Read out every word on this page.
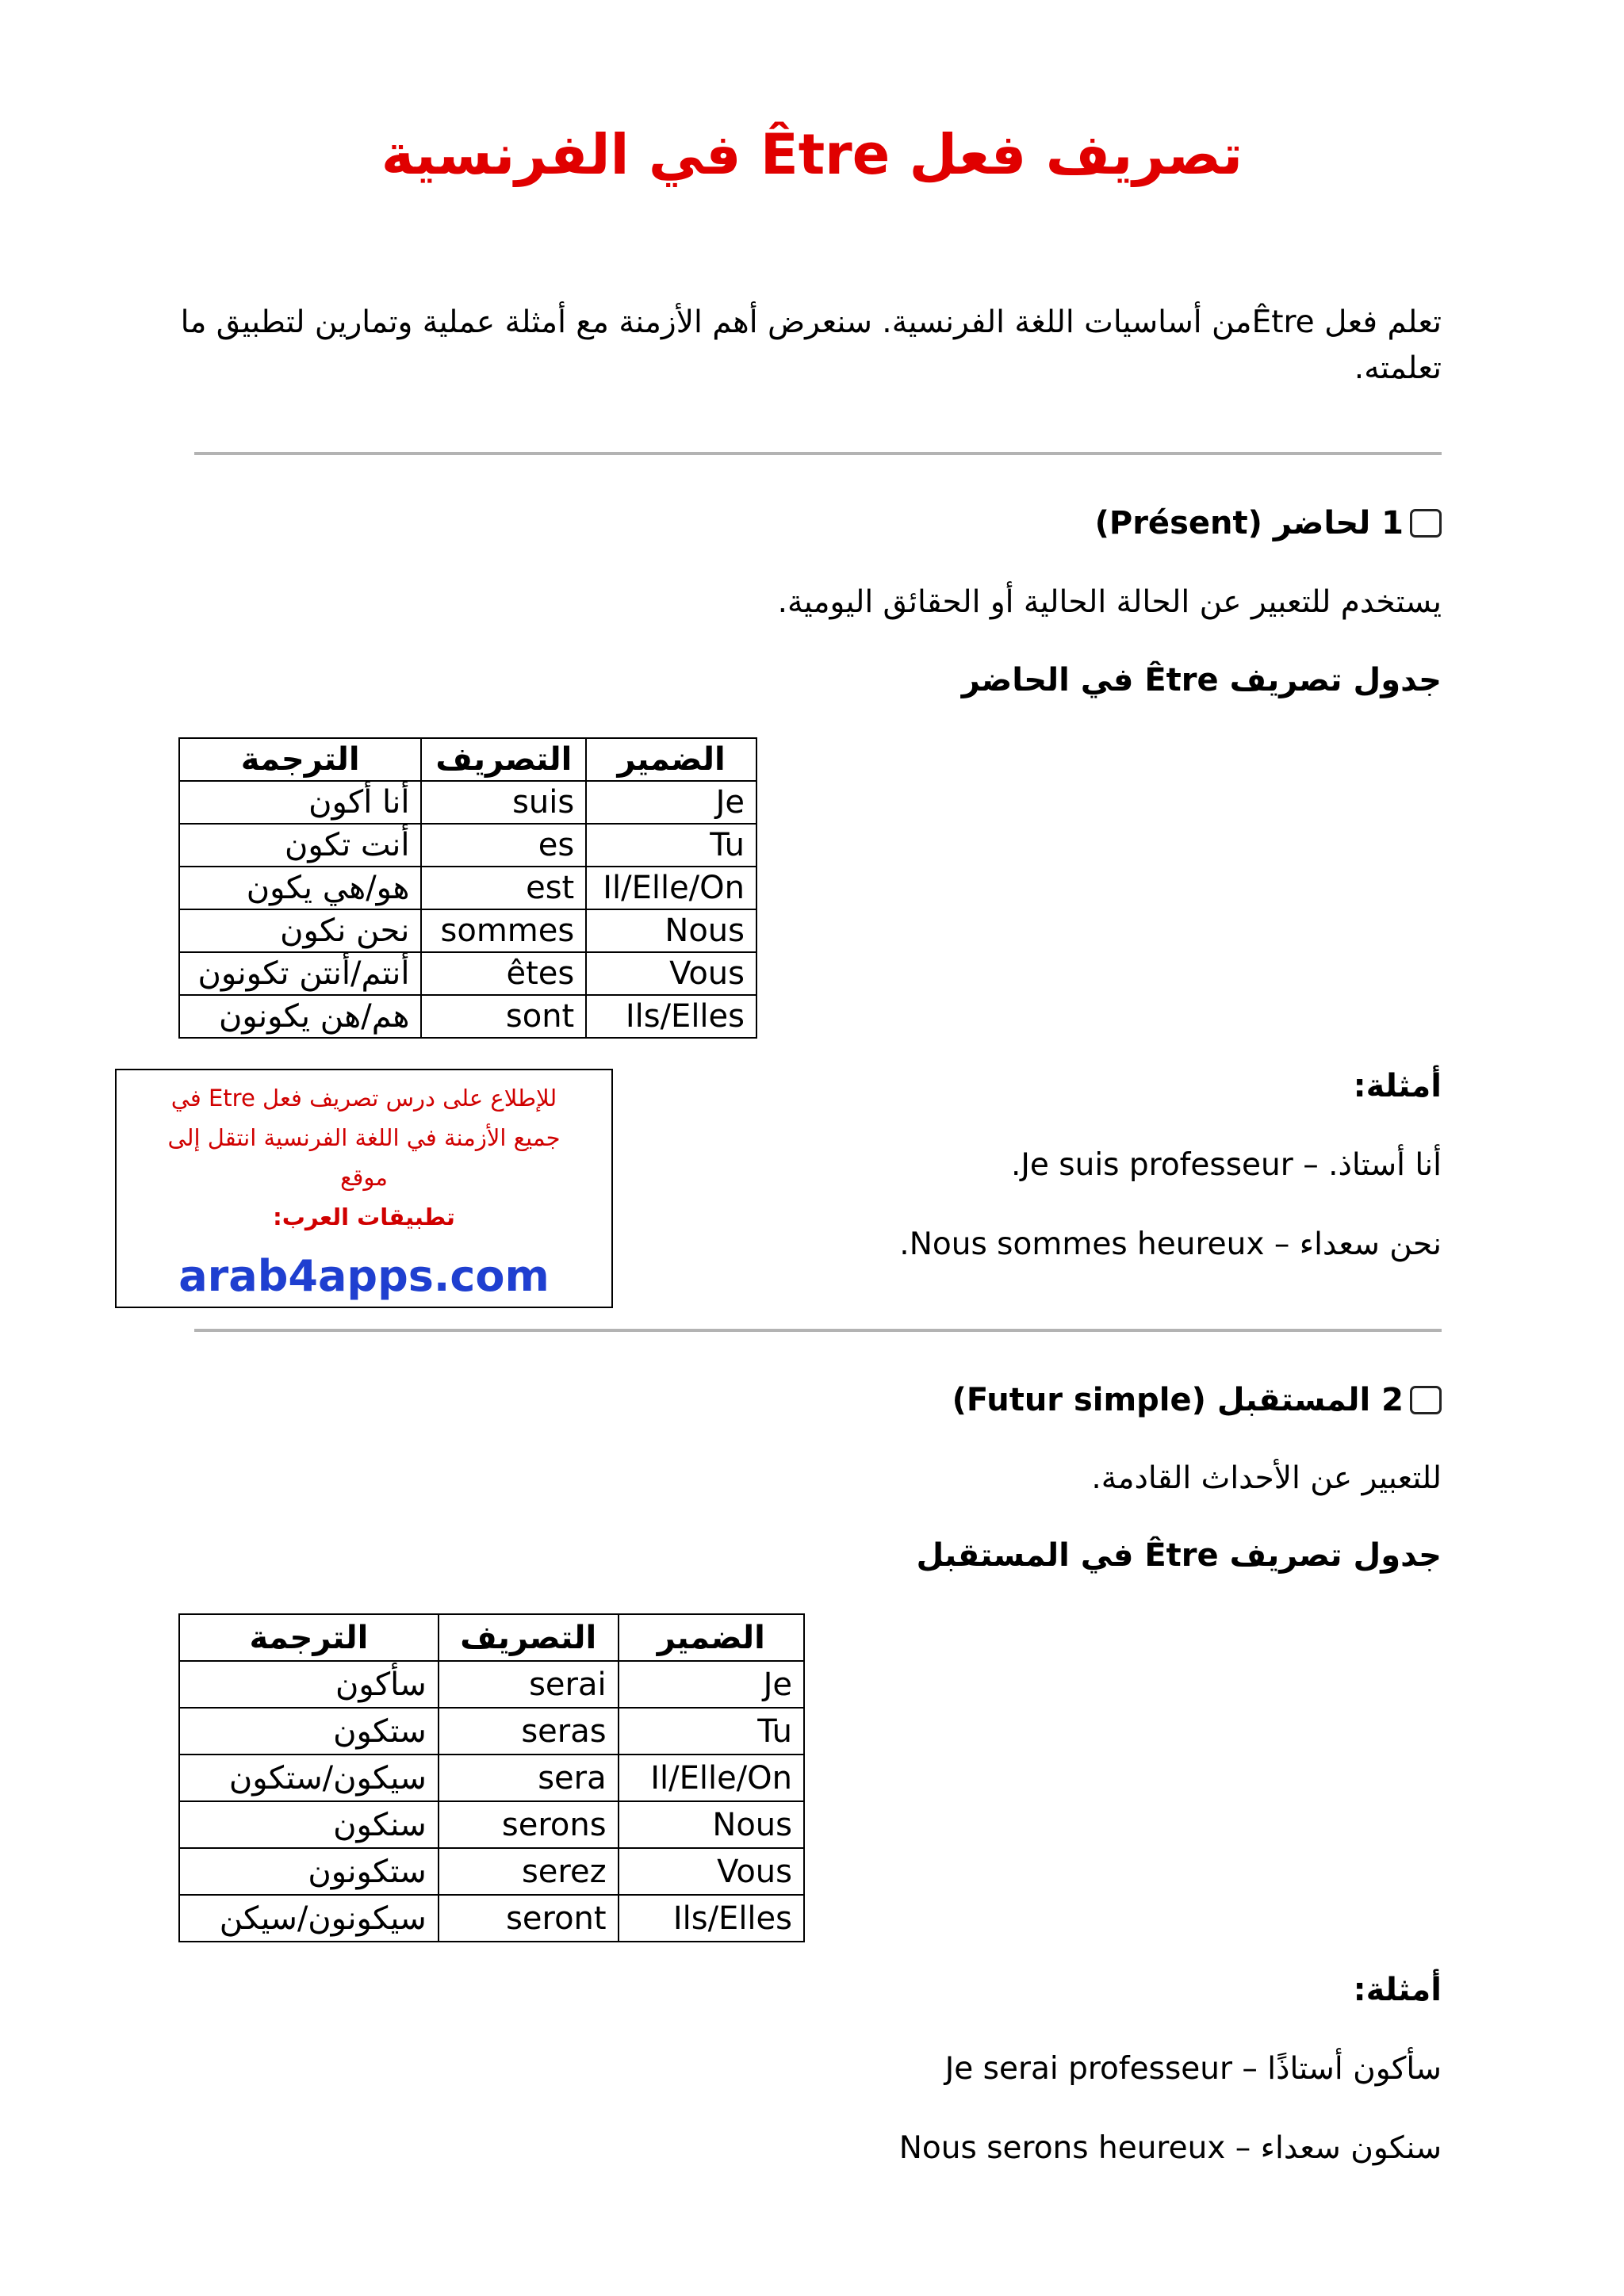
تصريف فعل Être في الفرنسية
تعلم فعل Êtreمن أساسيات اللغة الفرنسية. سنعرض أهم الأزمنة مع أمثلة عملية وتمارين لتطبيق ما تعلمته.
1 لحاضر (Présent)
يستخدم للتعبير عن الحالة الحالية أو الحقائق اليومية.
جدول تصريف Être في الحاضر
الضمير	التصريف	الترجمة
Je	suis	أنا أكون
Tu	es	أنت تكون
Il/Elle/On	est	هو/هي يكون
Nous	sommes	نحن نكون
Vous	êtes	أنتم/أنتن تكونون
Ils/Elles	sont	هم/هن يكونون
أمثلة:
أنا أستاذ. – Je suis professeur.
نحن سعداء – Nous sommes heureux.
للإطلاع على درس تصريف فعل Etre في
جميع الأزمنة في اللغة الفرنسية انتقل إلى موقع
تطبيقات العرب:
arab4apps.com
2 المستقبل (Futur simple)
للتعبير عن الأحداث القادمة.
جدول تصريف Être في المستقبل
الضمير	التصريف	الترجمة
Je	serai	سأكون
Tu	seras	ستكون
Il/Elle/On	sera	سيكون/ستكون
Nous	serons	سنكون
Vous	serez	ستكونون
Ils/Elles	seront	سيكونون/سيكن
أمثلة:
سأكون أستاذًا – Je serai professeur
سنكون سعداء – Nous serons heureux
